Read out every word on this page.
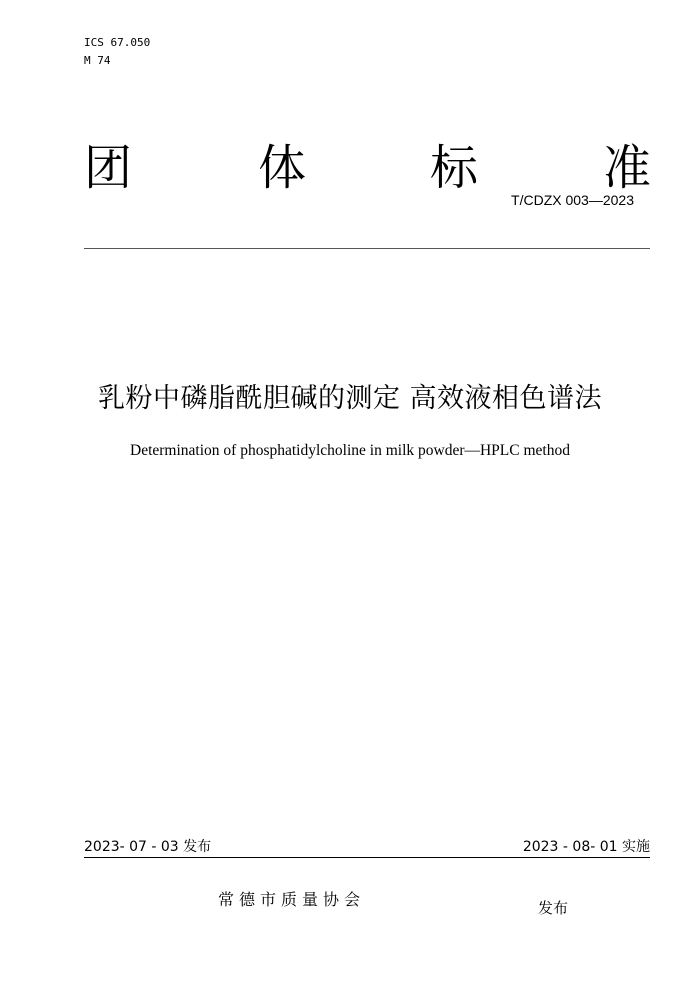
ICS 67.050
M 74
团	体	标	准
T/CDZX 003—2023
乳粉中磷脂酰胆碱的测定 高效液相色谱法
Determination of phosphatidylcholine in milk powder—HPLC method
2023- 07 - 03 发布	2023 - 08- 01 实施
常德市质量协会	发布
